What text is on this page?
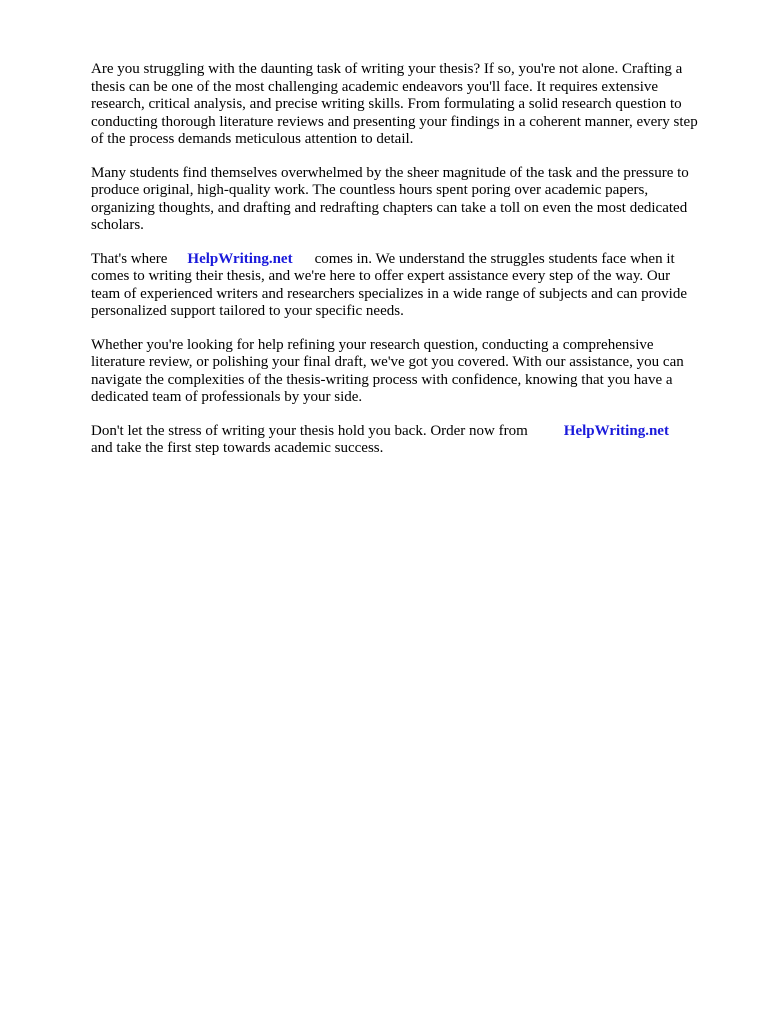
Are you struggling with the daunting task of writing your thesis? If so, you're not alone. Crafting a
thesis can be one of the most challenging academic endeavors you'll face. It requires extensive
research, critical analysis, and precise writing skills. From formulating a solid research question to
conducting thorough literature reviews and presenting your findings in a coherent manner, every step
of the process demands meticulous attention to detail.

Many students find themselves overwhelmed by the sheer magnitude of the task and the pressure to
produce original, high-quality work. The countless hours spent poring over academic papers,
organizing thoughts, and drafting and redrafting chapters can take a toll on even the most dedicated
scholars.

That's where HelpWriting.net comes in. We understand the struggles students face when it
comes to writing their thesis, and we're here to offer expert assistance every step of the way. Our
team of experienced writers and researchers specializes in a wide range of subjects and can provide
personalized support tailored to your specific needs.

Whether you're looking for help refining your research question, conducting a comprehensive
literature review, or polishing your final draft, we've got you covered. With our assistance, you can
navigate the complexities of the thesis-writing process with confidence, knowing that you have a
dedicated team of professionals by your side.

Don't let the stress of writing your thesis hold you back. Order now from HelpWriting.net
and take the first step towards academic success.
